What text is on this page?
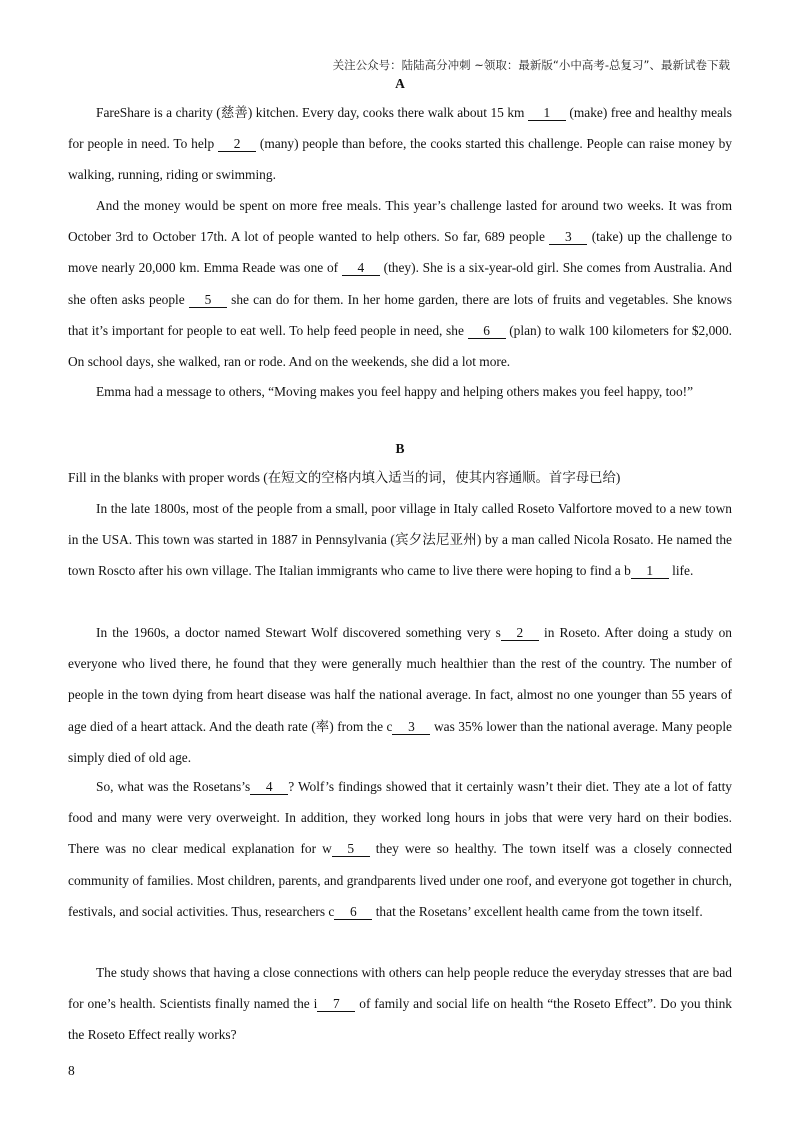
关注公众号：陆陆高分冲刺 ~领取：最新版“小中高考-总复习”、最新试卷下载
A

FareShare is a charity (慈善) kitchen. Every day, cooks there walk about 15 km 1 (make) free and healthy meals for people in need. To help 2 (many) people than before, the cooks started this challenge. People can raise money by walking, running, riding or swimming.

And the money would be spent on more free meals. This year’s challenge lasted for around two weeks. It was from October 3rd to October 17th. A lot of people wanted to help others. So far, 689 people 3 (take) up the challenge to move nearly 20,000 km. Emma Reade was one of 4 (they). She is a six-year-old girl. She comes from Australia. And she often asks people 5 she can do for them. In her home garden, there are lots of fruits and vegetables. She knows that it’s important for people to eat well. To help feed people in need, she 6 (plan) to walk 100 kilometers for $2,000. On school days, she walked, ran or rode. And on the weekends, she did a lot more.

Emma had a message to others, “Moving makes you feel happy and helping others makes you feel happy, too!”

B

Fill in the blanks with proper words (在短文的空格内填入适当的词，使其内容通顺。首字母已给)

In the late 1800s, most of the people from a small, poor village in Italy called Roseto Valfortore moved to a new town in the USA. This town was started in 1887 in Pennsylvania (宾夕法尼亚州) by a man called Nicola Rosato. He named the town Roscto after his own village. The Italian immigrants who came to live there were hoping to find a b 1 life.

In the 1960s, a doctor named Stewart Wolf discovered something very s 2 in Roseto. After doing a study on everyone who lived there, he found that they were generally much healthier than the rest of the country. The number of people in the town dying from heart disease was half the national average. In fact, almost no one younger than 55 years of age died of a heart attack. And the death rate (率) from the c 3 was 35% lower than the national average. Many people simply died of old age.

So, what was the Rosetans’s 4 ? Wolf’s findings showed that it certainly wasn’t their diet. They ate a lot of fatty food and many were very overweight. In addition, they worked long hours in jobs that were very hard on their bodies. There was no clear medical explanation for w 5 they were so healthy. The town itself was a closely connected community of families. Most children, parents, and grandparents lived under one roof, and everyone got together in church, festivals, and social activities. Thus, researchers c 6 that the Rosetans’ excellent health came from the town itself.

The study shows that having a close connections with others can help people reduce the everyday stresses that are bad for one’s health. Scientists finally named the i 7 of family and social life on health “the Roseto Effect”. Do you think the Roseto Effect really works?

8
